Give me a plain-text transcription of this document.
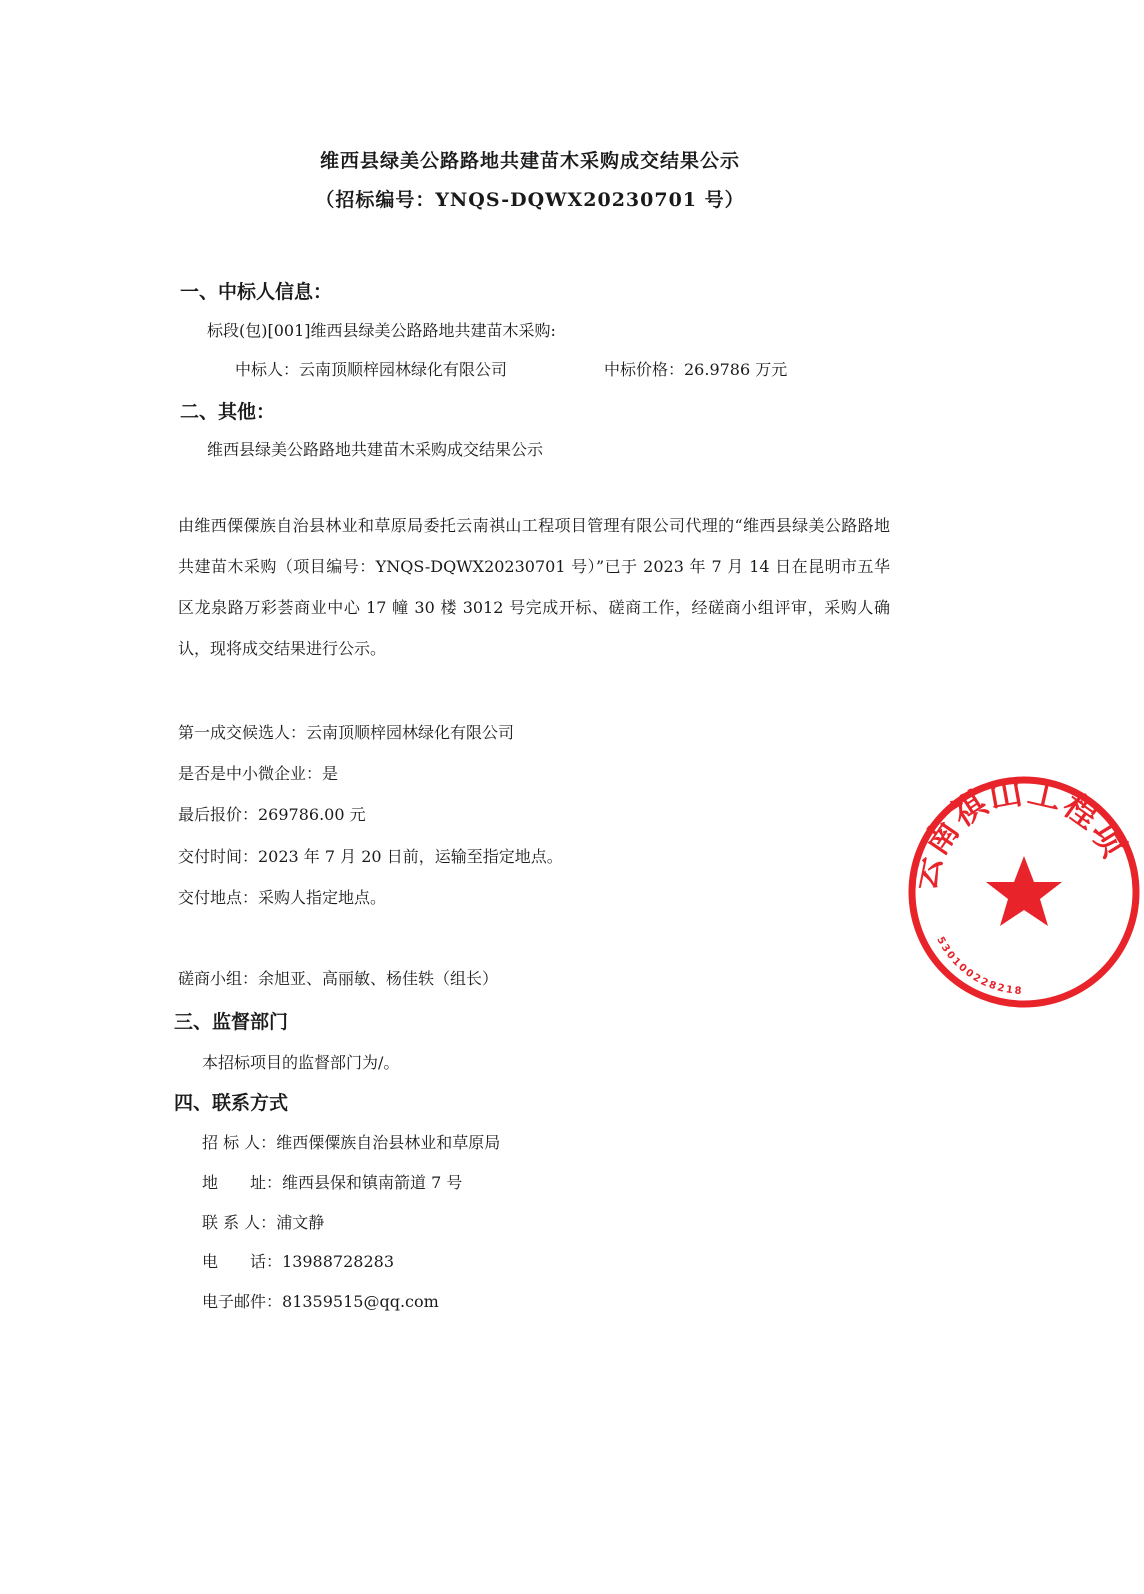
维西县绿美公路路地共建苗木采购成交结果公示
（招标编号：YNQS-DQWX20230701 号）
一、中标人信息：
标段(包)[001]维西县绿美公路路地共建苗木采购:
中标人：云南顶顺梓园林绿化有限公司	中标价格：26.9786 万元
二、其他：
维西县绿美公路路地共建苗木采购成交结果公示
由维西傈僳族自治县林业和草原局委托云南祺山工程项目管理有限公司代理的“维西县绿美公路路地共建苗木采购（项目编号：YNQS-DQWX20230701 号）”已于 2023 年 7 月 14 日在昆明市五华区龙泉路万彩荟商业中心 17 幢 30 楼 3012 号完成开标、磋商工作，经磋商小组评审，采购人确认，现将成交结果进行公示。
第一成交候选人：云南顶顺梓园林绿化有限公司
是否是中小微企业：是
最后报价：269786.00 元
交付时间：2023 年 7 月 20 日前，运输至指定地点。
交付地点：采购人指定地点。
磋商小组：余旭亚、高丽敏、杨佳轶（组长）
三、监督部门
本招标项目的监督部门为/。
四、联系方式
招 标 人：维西傈僳族自治县林业和草原局
地　　址：维西县保和镇南箭道 7 号
联 系 人：浦文静
电　　话：13988728283
电子邮件：81359515@qq.com
云南祺山工程项
530100228218
